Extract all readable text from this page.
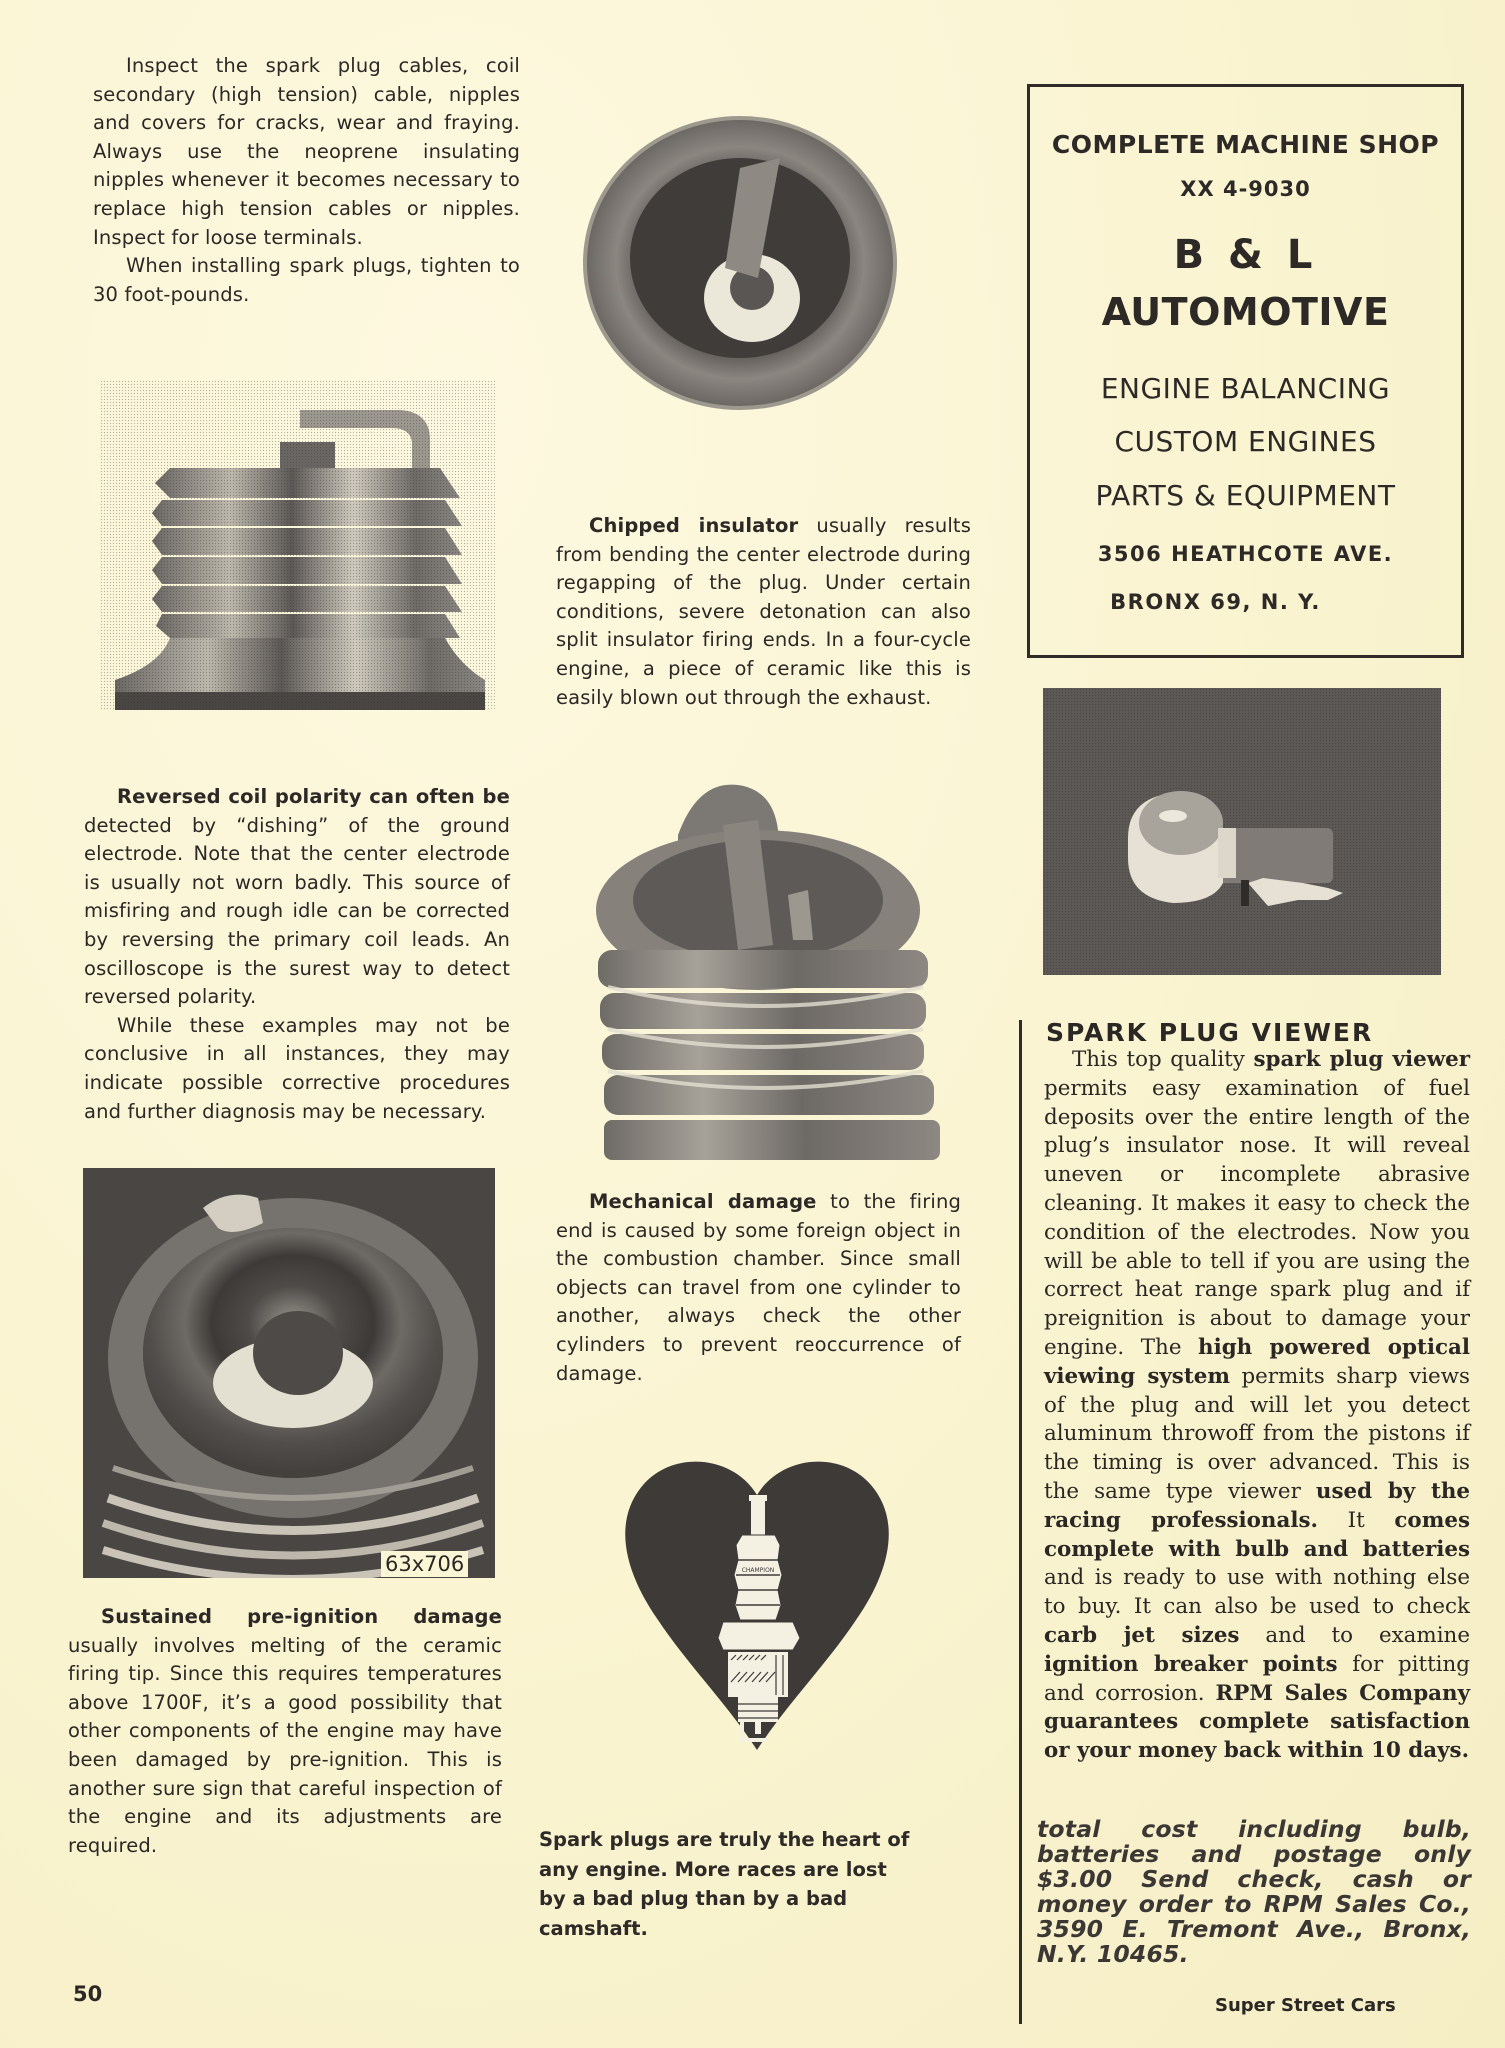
Inspect the spark plug cables, coil secondary (high tension) cable, nipples and covers for cracks, wear and fraying. Always use the neoprene insulating nipples whenever it becomes necessary to replace high tension cables or nipples. Inspect for loose terminals.

When installing spark plugs, tighten to 30 foot-pounds.

Reversed coil polarity can often be detected by “dishing” of the ground electrode. Note that the center electrode is usually not worn badly. This source of misfiring and rough idle can be corrected by reversing the primary coil leads. An oscilloscope is the surest way to detect reversed polarity.

While these examples may not be conclusive in all instances, they may indicate possible corrective procedures and further diagnosis may be necessary.

63x706

Sustained pre-ignition damage usually involves melting of the ceramic firing tip. Since this requires temperatures above 1700F, it’s a good possibility that other components of the engine may have been damaged by pre-ignition. This is another sure sign that careful inspection of the engine and its adjustments are required.

50

Chipped insulator usually results from bending the center electrode during regapping of the plug. Under certain conditions, severe detonation can also split insulator firing ends. In a four-cycle engine, a piece of ceramic like this is easily blown out through the exhaust.

Mechanical damage to the firing end is caused by some foreign object in the combustion chamber. Since small objects can travel from one cylinder to another, always check the other cylinders to prevent reoccurrence of damage.

CHAMPION
Spark plugs are truly the heart of any engine. More races are lost by a bad plug than by a bad camshaft.
COMPLETE MACHINE SHOP
XX 4-9030
B & L
AUTOMOTIVE
ENGINE BALANCING
CUSTOM ENGINES
PARTS & EQUIPMENT
3506 HEATHCOTE AVE.
BRONX 69, N. Y.
SPARK PLUG VIEWER

This top quality spark plug viewer permits easy examination of fuel deposits over the entire length of the plug’s insulator nose. It will reveal uneven or incomplete abrasive cleaning. It makes it easy to check the condition of the electrodes. Now you will be able to tell if you are using the correct heat range spark plug and if preignition is about to damage your engine. The high powered optical viewing system permits sharp views of the plug and will let you detect aluminum throwoff from the pistons if the timing is over advanced. This is the same type viewer used by the racing professionals. It comes complete with bulb and batteries and is ready to use with nothing else to buy. It can also be used to check carb jet sizes and to examine ignition breaker points for pitting and corrosion. RPM Sales Company guarantees complete satisfaction or your money back within 10 days.

total cost including bulb, batteries and postage only $3.00 Send check, cash or money order to RPM Sales Co., 3590 E. Tremont Ave., Bronx, N.Y. 10465.
Super Street Cars
